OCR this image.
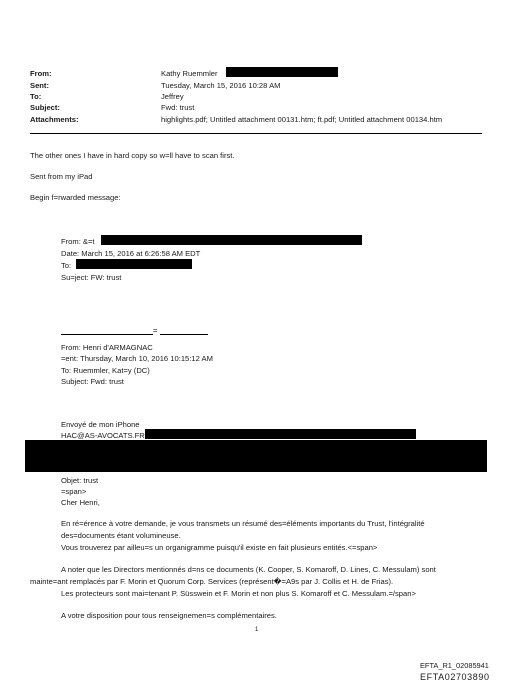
From:	Kathy Ruemmler
Sent:	Tuesday, March 15, 2016 10:28 AM
To:	Jeffrey
Subject:	Fwd: trust
Attachments:	highlights.pdf; Untitled attachment 00131.htm; ft.pdf; Untitled attachment 00134.htm
The other ones I have in hard copy so w=ll have to scan first.
Sent from my iPad
Begin f=rwarded message:
From: &=t
Date: March 15, 2016 at 6:26:58 AM EDT
To:
Su=ject: FW: trust
=
From: Henri d'ARMAGNAC
=ent: Thursday, March 10, 2016 10:15:12 AM
To: Ruemmler, Kat=y (DC)
Subject: Fwd: trust
Envoyé de mon iPhone
HAC@AS-AVOCATS.FR
Objet: trust
=span>
Cher Henri,
En ré=érence à votre demande, je vous transmets un résumé des=éléments importants du Trust, l'intégralité
des=documents étant volumineuse.
Vous trouverez par ailleu=s un organigramme puisqu'il existe en fait plusieurs entités.<=span>
A noter que les Directors mentionnés d=ns ce documents (K. Cooper, S. Komaroff, D. Lines, C. Messulam) sont
mainte=ant remplacés par F. Morin et Quorum Corp. Services (représent�=A9s par J. Collis et H. de Frias).
Les protecteurs sont mai=tenant P. Süsswein et F. Morin et non plus S. Komaroff et C. Messulam.=/span>
A votre disposition pour tous renseignemen=s complémentaires.
1
EFTA_R1_02085941
EFTA02703890
